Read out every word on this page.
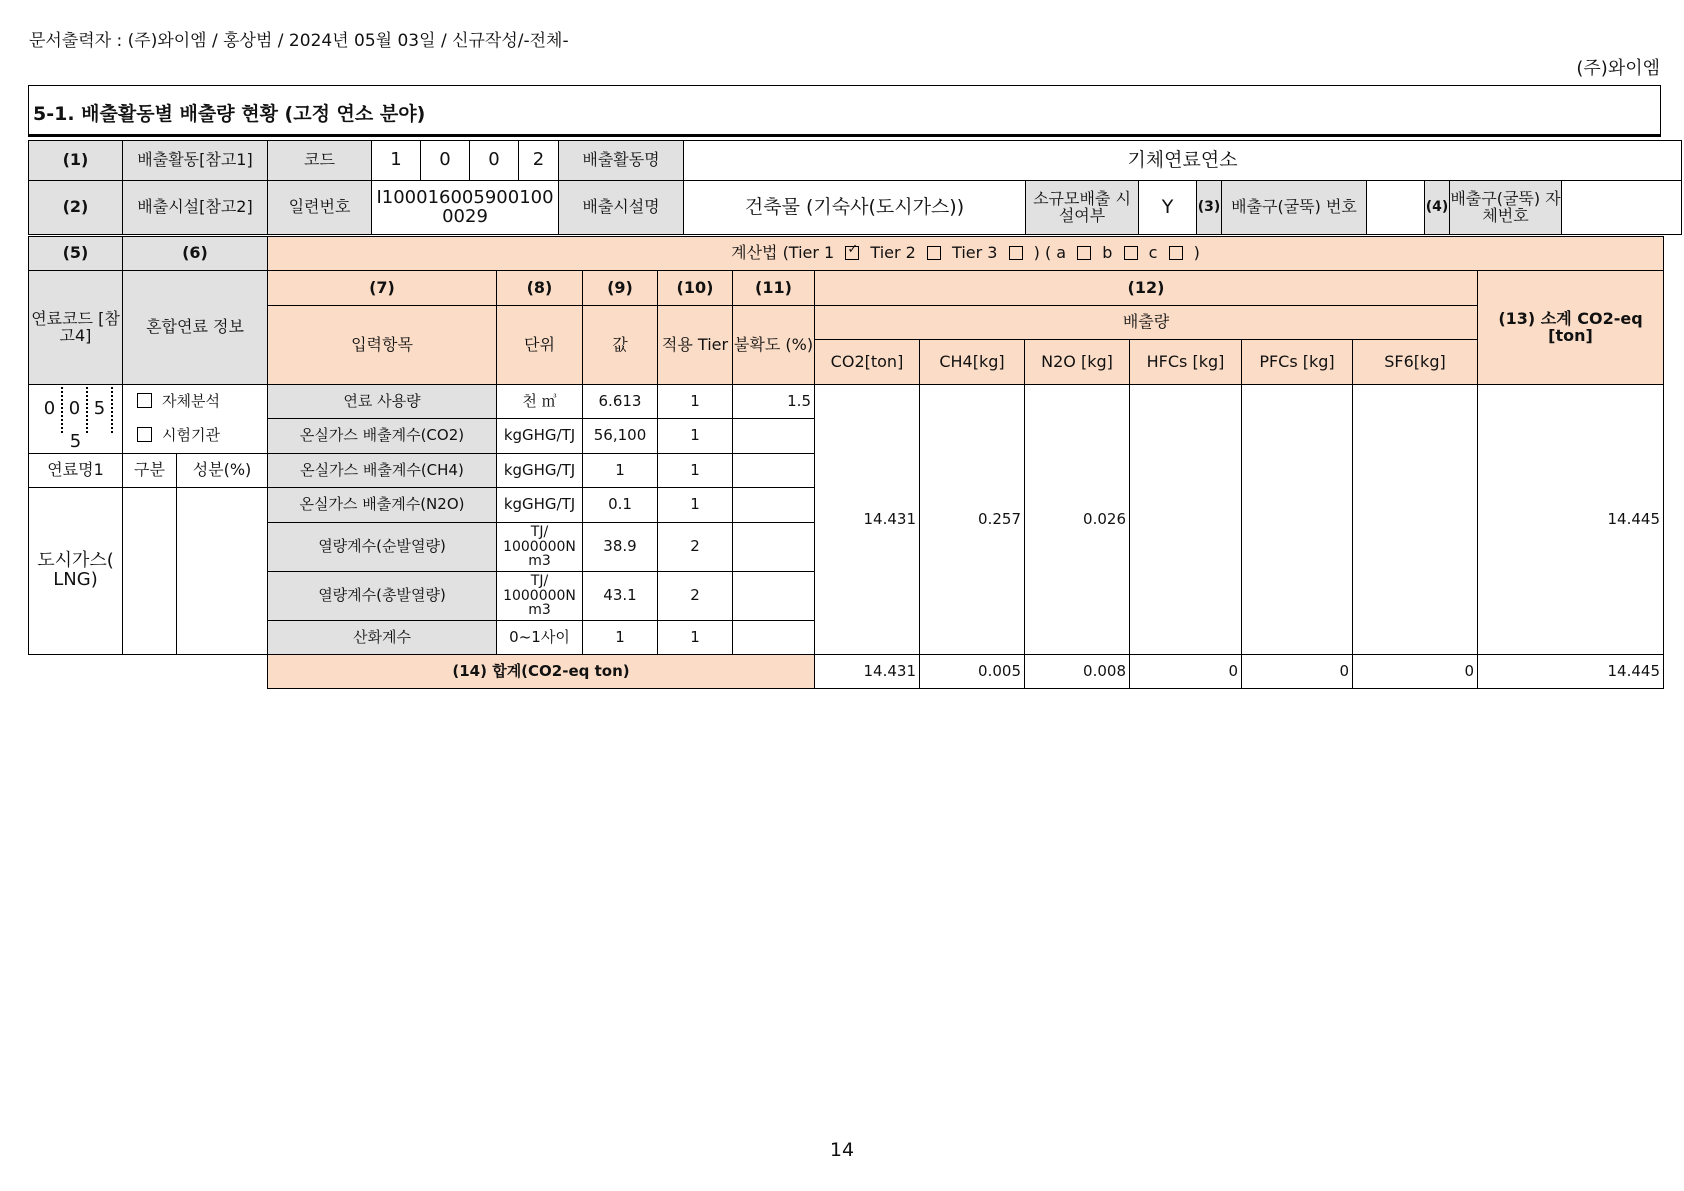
문서출력자 : (주)와이엠 / 홍상범 / 2024년 05월 03일 / 신규작성/-전체-
(주)와이엠
5-1. 배출활동별 배출량 현황 (고정 연소 분야)
(1)	배출활동[참고1]	코드	1	0	0	2	배출활동명	기체연료연소								
(2)	배출시설[참고2]	일련번호	I100016005900100 0029				배출시설명	건축물 (기숙사(도시가스))	소규모배출 시설여부	Y	(3)	배출구(굴뚝) 번호		(4)	배출구(굴뚝) 자체번호	
(5)	(6)		계산법 (Tier 1 ✓ Tier 2 Tier 3 ) ( a b c )
연료코드 [참고4]	혼합연료 정보		(7)	(8)	(9)	(10)	(11)	(12)						(13) 소계 CO2-eq [ton]
			입력항목	단위	값	적용 Tier	불확도 (%)	배출량						
								CO2[ton]	CH4[kg]	N2O [kg]	HFCs [kg]	PFCs [kg]	SF6[kg]	
0 0 55	자체분석		연료 사용량	천 ㎥	6.613	1	1.5	14.431	0.257	0.026				14.445
	시험기관		온실가스 배출계수(CO2)	kgGHG/TJ	56,100	1								
연료명1	구분	성분(%)	온실가스 배출계수(CH4)	kgGHG/TJ	1	1								
도시가스( LNG)			온실가스 배출계수(N2O)	kgGHG/TJ	0.1	1								
			열량계수(순발열량)	TJ/ 1000000N m3	38.9	2								
			열량계수(총발열량)	TJ/ 1000000N m3	43.1	2								
			산화계수	0~1사이	1	1								
			(14) 합계(CO2-eq ton)					14.431	0.005	0.008	0	0	0	14.445
14
